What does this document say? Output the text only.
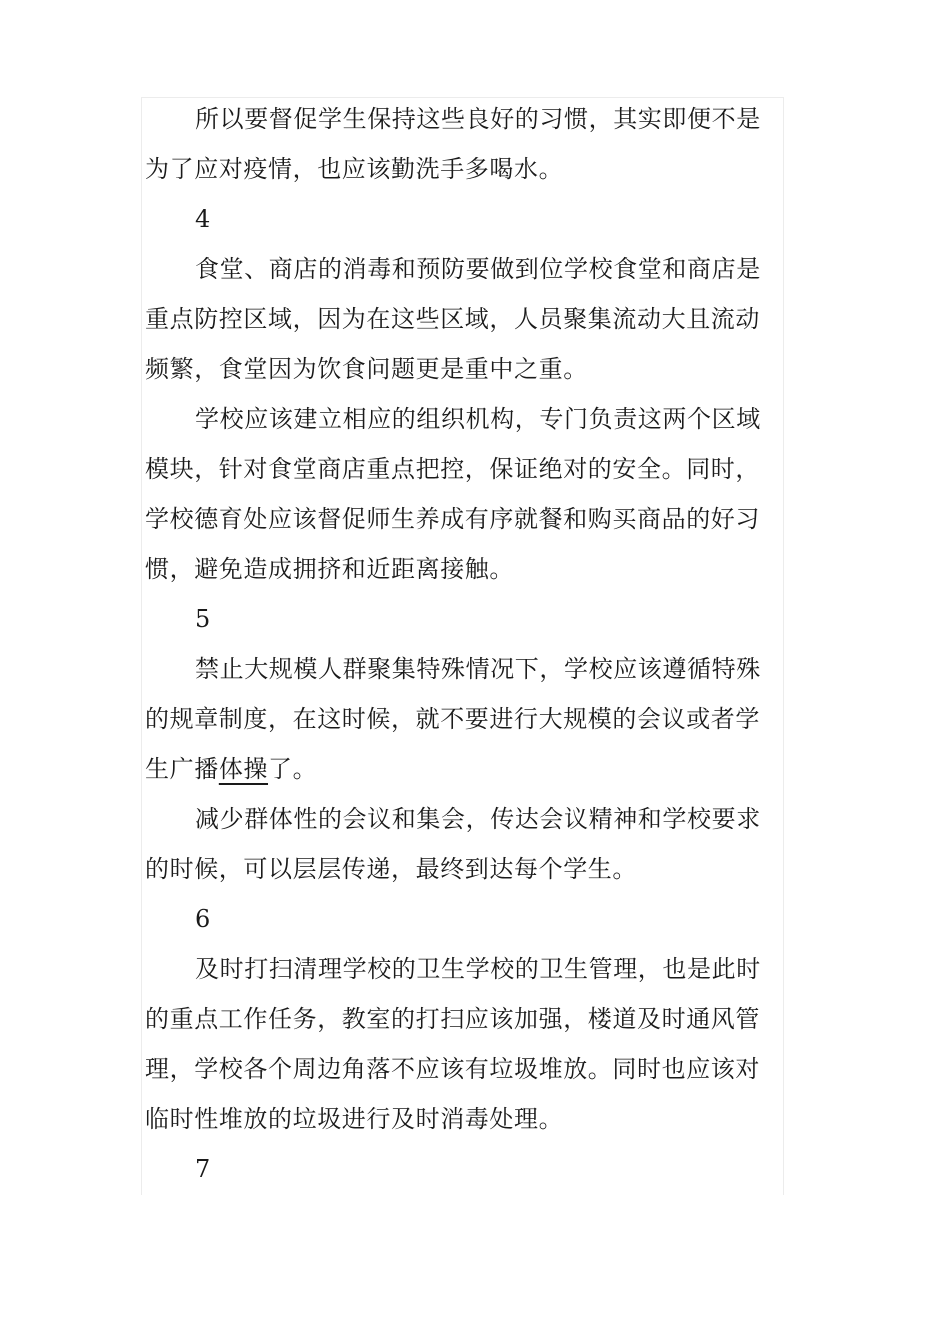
所以要督促学生保持这些良好的习惯，其实即便不是为了应对疫情，也应该勤洗手多喝水。

4

食堂、商店的消毒和预防要做到位学校食堂和商店是重点防控区域，因为在这些区域，人员聚集流动大且流动频繁，食堂因为饮食问题更是重中之重。

学校应该建立相应的组织机构，专门负责这两个区域模块，针对食堂商店重点把控，保证绝对的安全。同时，学校德育处应该督促师生养成有序就餐和购买商品的好习惯，避免造成拥挤和近距离接触。

5

禁止大规模人群聚集特殊情况下，学校应该遵循特殊的规章制度，在这时候，就不要进行大规模的会议或者学生广播体操了。

减少群体性的会议和集会，传达会议精神和学校要求的时候，可以层层传递，最终到达每个学生。

6

及时打扫清理学校的卫生学校的卫生管理，也是此时的重点工作任务，教室的打扫应该加强，楼道及时通风管理，学校各个周边角落不应该有垃圾堆放。同时也应该对临时性堆放的垃圾进行及时消毒处理。

7
